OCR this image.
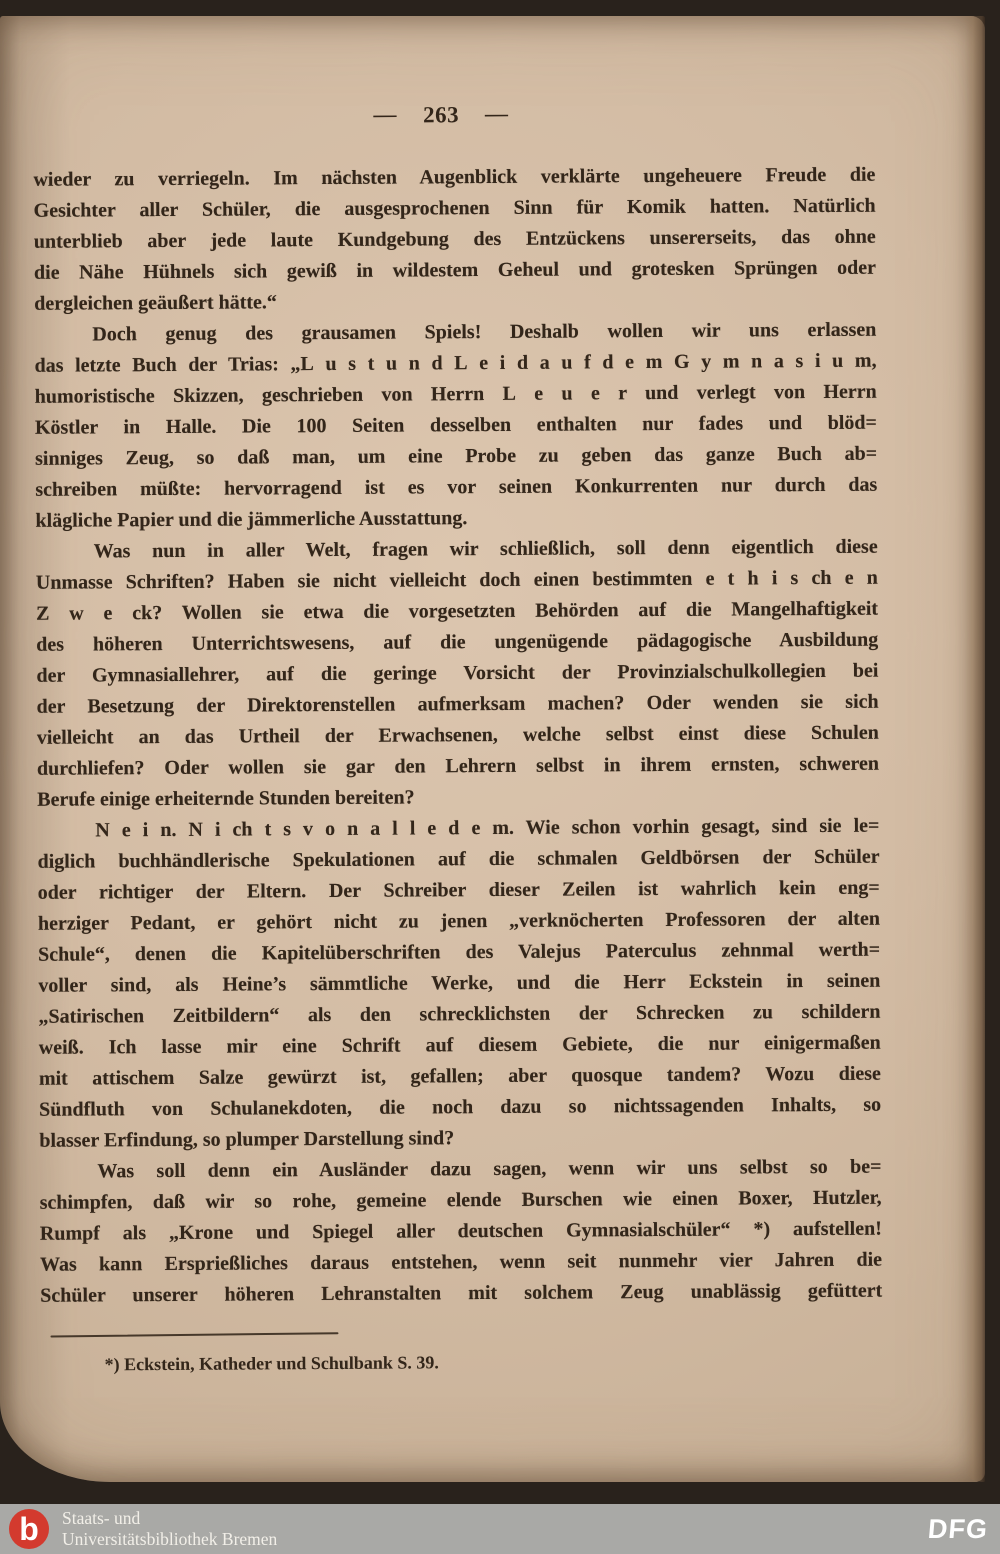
— 263 —
wieder zu verriegeln. Im nächsten Augenblick verklärte ungeheuere Freude die
Gesichter aller Schüler, die ausgesprochenen Sinn für Komik hatten. Natürlich
unterblieb aber jede laute Kundgebung des Entzückens unsererseits, das ohne
die Nähe Hühnels sich gewiß in wildestem Geheul und grotesken Sprüngen oder
dergleichen geäußert hätte.“
Doch genug des grausamen Spiels! Deshalb wollen wir uns erlassen
das letzte Buch der Trias: „L u s t u n d L e i d a u f d e m G y m n a s i u m,
humoristische Skizzen, geschrieben von Herrn L e u e r und verlegt von Herrn
Köstler in Halle. Die 100 Seiten desselben enthalten nur fades und blöd=
sinniges Zeug, so daß man, um eine Probe zu geben das ganze Buch ab=
schreiben müßte: hervorragend ist es vor seinen Konkurrenten nur durch das
klägliche Papier und die jämmerliche Ausstattung.
Was nun in aller Welt, fragen wir schließlich, soll denn eigentlich diese
Unmasse Schriften? Haben sie nicht vielleicht doch einen bestimmten e t h i s ch e n
Z w e ck? Wollen sie etwa die vorgesetzten Behörden auf die Mangelhaftigkeit
des höheren Unterrichtswesens, auf die ungenügende pädagogische Ausbildung
der Gymnasiallehrer, auf die geringe Vorsicht der Provinzialschulkollegien bei
der Besetzung der Direktorenstellen aufmerksam machen? Oder wenden sie sich
vielleicht an das Urtheil der Erwachsenen, welche selbst einst diese Schulen
durchliefen? Oder wollen sie gar den Lehrern selbst in ihrem ernsten, schweren
Berufe einige erheiternde Stunden bereiten?
N e i n. N i ch t s v o n a l l e d e m. Wie schon vorhin gesagt, sind sie le=
diglich buchhändlerische Spekulationen auf die schmalen Geldbörsen der Schüler
oder richtiger der Eltern. Der Schreiber dieser Zeilen ist wahrlich kein eng=
herziger Pedant, er gehört nicht zu jenen „verknöcherten Professoren der alten
Schule“, denen die Kapitelüberschriften des Valejus Paterculus zehnmal werth=
voller sind, als Heine’s sämmtliche Werke, und die Herr Eckstein in seinen
„Satirischen Zeitbildern“ als den schrecklichsten der Schrecken zu schildern
weiß. Ich lasse mir eine Schrift auf diesem Gebiete, die nur einigermaßen
mit attischem Salze gewürzt ist, gefallen; aber quosque tandem? Wozu diese
Sündfluth von Schulanekdoten, die noch dazu so nichtssagenden Inhalts, so
blasser Erfindung, so plumper Darstellung sind?
Was soll denn ein Ausländer dazu sagen, wenn wir uns selbst so be=
schimpfen, daß wir so rohe, gemeine elende Burschen wie einen Boxer, Hutzler,
Rumpf als „Krone und Spiegel aller deutschen Gymnasialschüler“ *) aufstellen!
Was kann Ersprießliches daraus entstehen, wenn seit nunmehr vier Jahren die
Schüler unserer höheren Lehranstalten mit solchem Zeug unablässig gefüttert
*) Eckstein, Katheder und Schulbank S. 39.
b	Staats- und
Universitätsbibliothek Bremen	DFG
